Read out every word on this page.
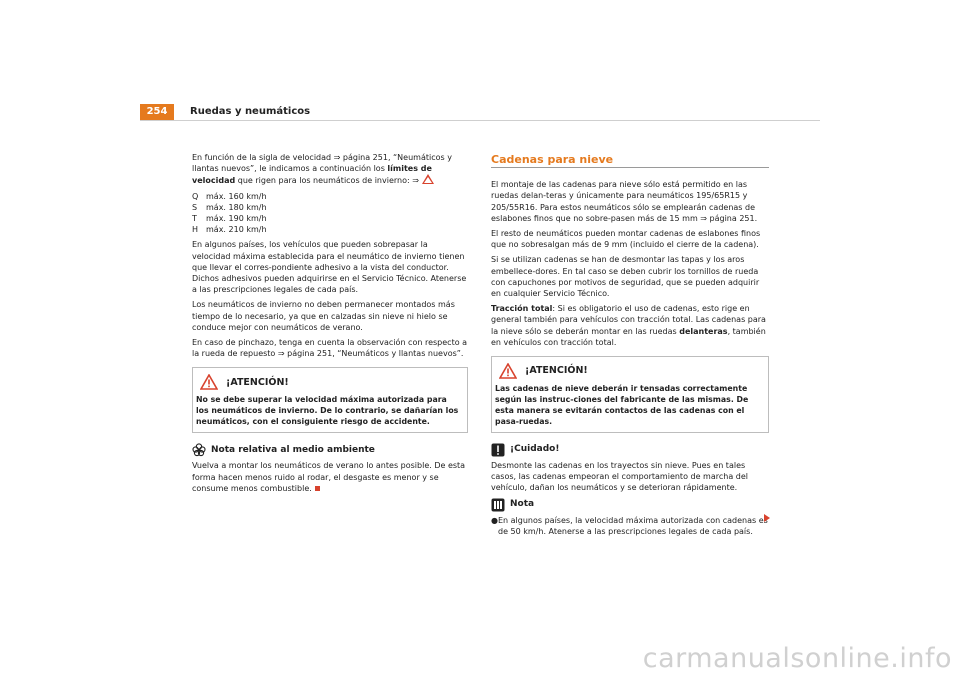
254	Ruedas y neumáticos

En función de la sigla de velocidad ⇒ página 251, “Neumáticos y llantas nuevos”, le indicamos a continuación los límites de velocidad que rigen para los neumáticos de invierno: ⇒

Q máx. 160 km/h
S	máx. 180 km/h
T	máx. 190 km/h
H máx. 210 km/h

En algunos países, los vehículos que pueden sobrepasar la velocidad máxima establecida para el neumático de invierno tienen que llevar el corres-pondiente adhesivo a la vista del conductor. Dichos adhesivos pueden adquirirse en el Servicio Técnico. Atenerse a las prescripciones legales de cada país.

Los neumáticos de invierno no deben permanecer montados más tiempo de lo necesario, ya que en calzadas sin nieve ni hielo se conduce mejor con neumáticos de verano.

En caso de pinchazo, tenga en cuenta la observación con respecto a la rueda de repuesto ⇒ página 251, “Neumáticos y llantas nuevos”.

¡ATENCIÓN!
No se debe superar la velocidad máxima autorizada para los neumáticos de invierno. De lo contrario, se dañarían los neumáticos, con el consiguiente riesgo de accidente.
Nota relativa al medio ambiente

Vuelva a montar los neumáticos de verano lo antes posible. De esta forma hacen menos ruido al rodar, el desgaste es menor y se consume menos combustible.

Cadenas para nieve

El montaje de las cadenas para nieve sólo está permitido en las ruedas delan-teras y únicamente para neumáticos 195/65R15 y 205/55R16. Para estos neumáticos sólo se emplearán cadenas de eslabones finos que no sobre-pasen más de 15 mm ⇒ página 251.

El resto de neumáticos pueden montar cadenas de eslabones finos que no sobresalgan más de 9 mm (incluido el cierre de la cadena).

Si se utilizan cadenas se han de desmontar las tapas y los aros embellece-dores. En tal caso se deben cubrir los tornillos de rueda con capuchones por motivos de seguridad, que se pueden adquirir en cualquier Servicio Técnico.

Tracción total: Si es obligatorio el uso de cadenas, esto rige en general también para vehículos con tracción total. Las cadenas para la nieve sólo se deberán montar en las ruedas delanteras, también en vehículos con tracción total.

¡ATENCIÓN!
Las cadenas de nieve deberán ir tensadas correctamente según las instruc-ciones del fabricante de las mismas. De esta manera se evitarán contactos de las cadenas con el pasa-ruedas.
¡Cuidado!

Desmonte las cadenas en los trayectos sin nieve. Pues en tales casos, las cadenas empeoran el comportamiento de marcha del vehículo, dañan los neumáticos y se deterioran rápidamente.

Nota
● En algunos países, la velocidad máxima autorizada con cadenas es de 50 km/h. Atenerse a las prescripciones legales de cada país.
carmanualsonline.info
